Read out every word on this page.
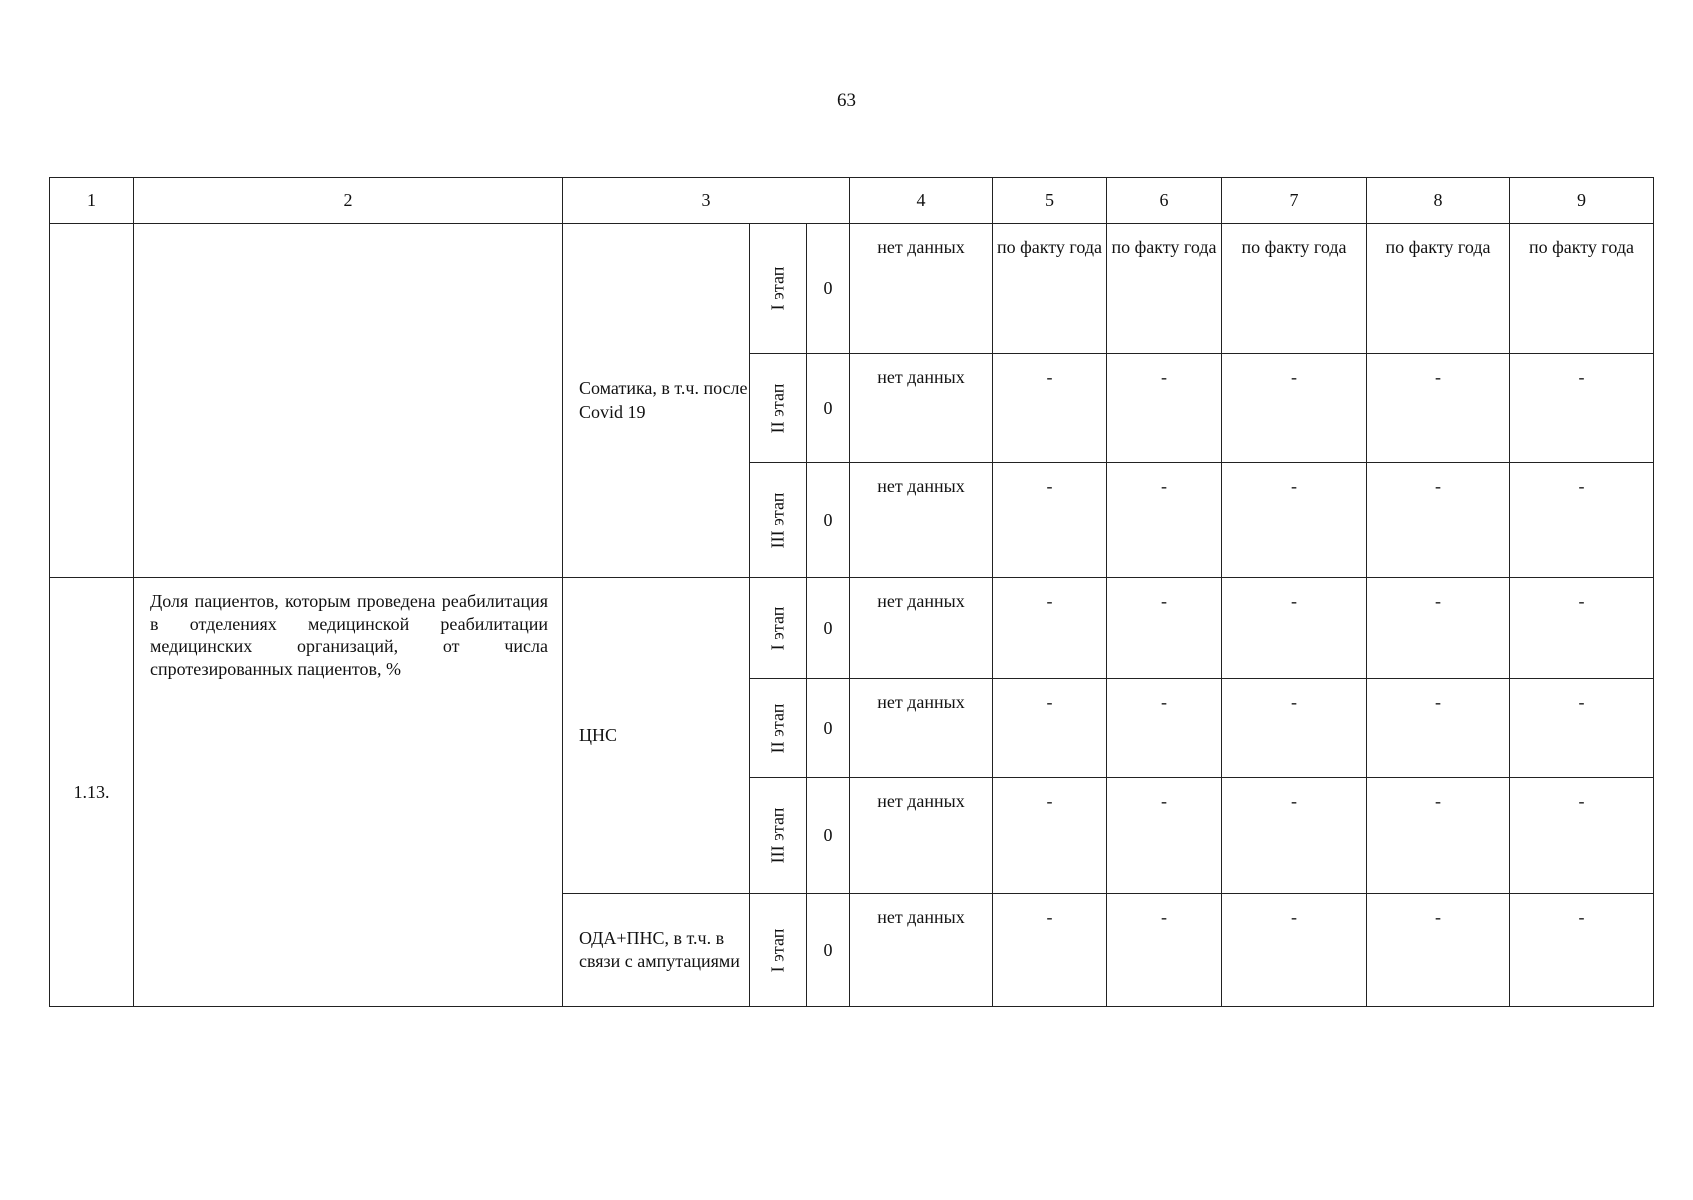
63
1	2	3			4	5	6	7	8	9
		Соматика, в т.ч. после Covid 19	I этап	0	нет данных	по факту года	по факту года	по факту года	по факту года	по факту года
			II этап	0	нет данных	-	-	-	-	-
			III этап	0	нет данных	-	-	-	-	-
1.13.	Доля пациентов, которым проведена реабилитация в отделениях медицинской реабилитации медицинских организаций, от числа спротезированных пациентов, %	ЦНС	I этап	0	нет данных	-	-	-	-	-
			II этап	0	нет данных	-	-	-	-	-
			III этап	0	нет данных	-	-	-	-	-
		ОДА+ПНС, в т.ч. в связи с ампутациями	I этап	0	нет данных	-	-	-	-	-
